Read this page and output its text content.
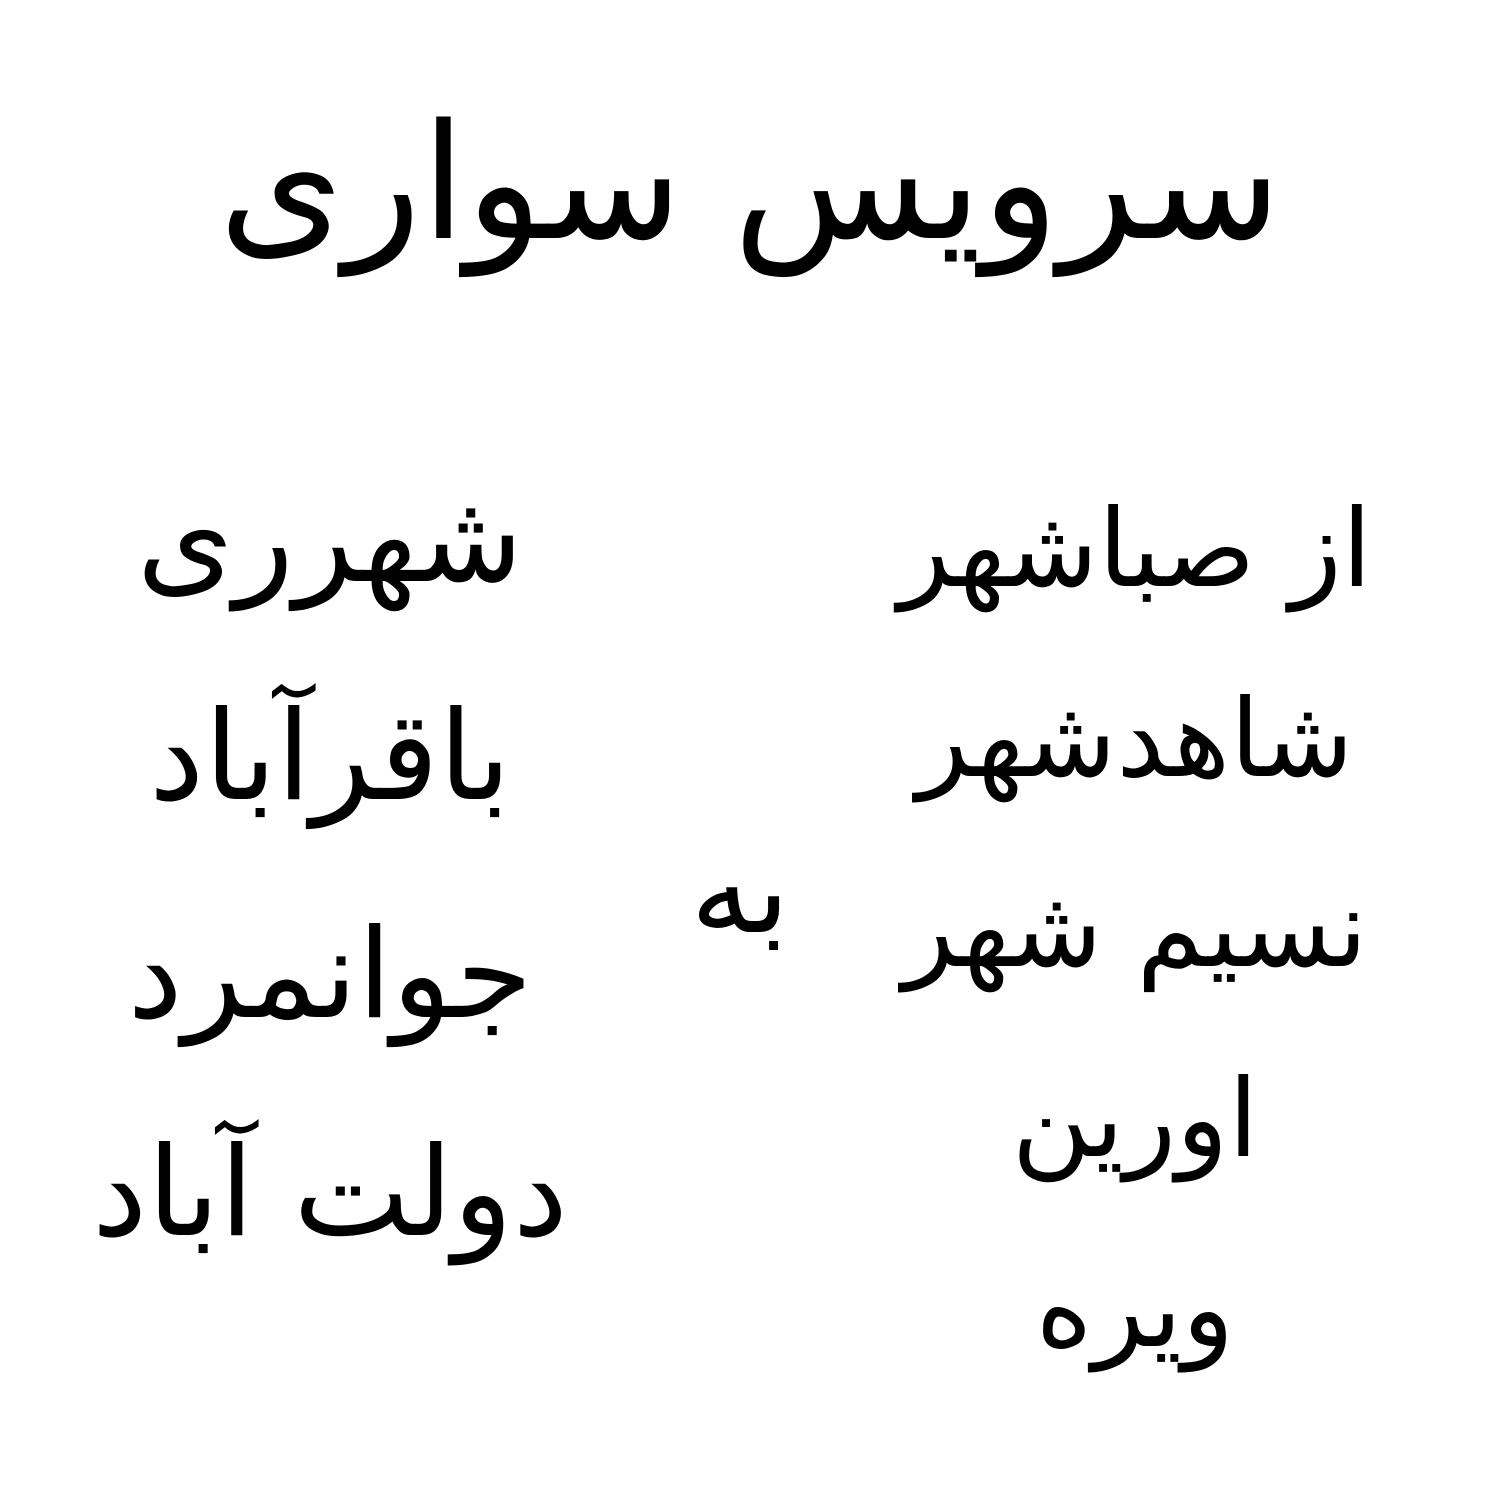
سرویس سواری
از صباشهر
شاهدشهر
نسیم شهر
اورین
ویره
به
شهرری
باقرآباد
جوانمرد
دولت آباد
